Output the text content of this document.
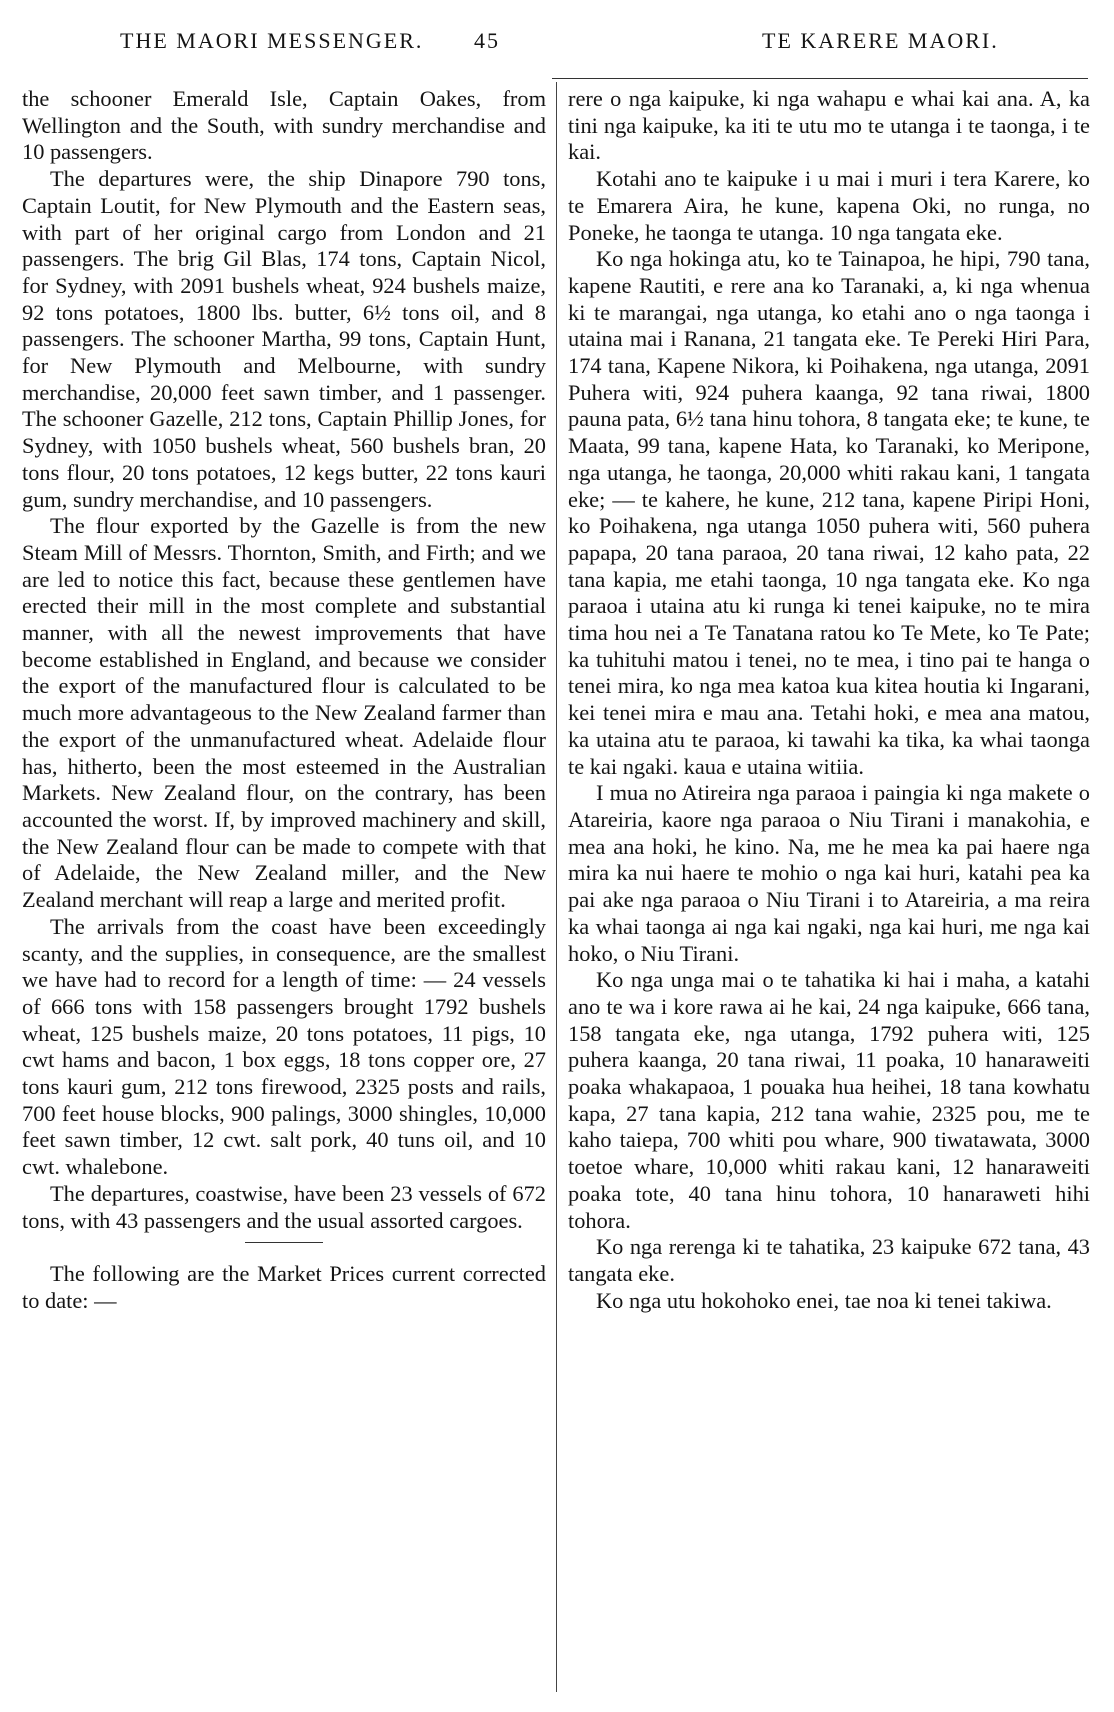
THE MAORI MESSENGER. 45	TE KARERE MAORI.

the schooner Emerald Isle, Captain Oakes, from Wellington and the South, with sundry merchandise and 10 passengers.

The departures were, the ship Dinapore 790 tons, Captain Loutit, for New Plymouth and the Eastern seas, with part of her original cargo from London and 21 passengers. The brig Gil Blas, 174 tons, Captain Nicol, for Sydney, with 2091 bushels wheat, 924 bushels maize, 92 tons potatoes, 1800 lbs. butter, 6½ tons oil, and 8 passengers. The schooner Martha, 99 tons, Captain Hunt, for New Plymouth and Melbourne, with sundry merchandise, 20,000 feet sawn timber, and 1 passenger. The schooner Gazelle, 212 tons, Captain Phillip Jones, for Sydney, with 1050 bushels wheat, 560 bushels bran, 20 tons flour, 20 tons potatoes, 12 kegs butter, 22 tons kauri gum, sundry merchandise, and 10 passengers.

The flour exported by the Gazelle is from the new Steam Mill of Messrs. Thornton, Smith, and Firth; and we are led to notice this fact, because these gentlemen have erected their mill in the most complete and substantial manner, with all the newest improvements that have become established in England, and because we consider the export of the manufactured flour is calculated to be much more advantageous to the New Zealand farmer than the export of the unmanufactured wheat. Adelaide flour has, hitherto, been the most esteemed in the Australian Markets. New Zealand flour, on the contrary, has been accounted the worst. If, by improved machinery and skill, the New Zealand flour can be made to compete with that of Adelaide, the New Zealand miller, and the New Zealand merchant will reap a large and merited profit.

The arrivals from the coast have been exceedingly scanty, and the supplies, in consequence, are the smallest we have had to record for a length of time: — 24 vessels of 666 tons with 158 passengers brought 1792 bushels wheat, 125 bushels maize, 20 tons potatoes, 11 pigs, 10 cwt hams and bacon, 1 box eggs, 18 tons copper ore, 27 tons kauri gum, 212 tons firewood, 2325 posts and rails, 700 feet house blocks, 900 palings, 3000 shingles, 10,000 feet sawn timber, 12 cwt. salt pork, 40 tuns oil, and 10 cwt. whalebone.

The departures, coastwise, have been 23 vessels of 672 tons, with 43 passengers and the usual assorted cargoes.

The following are the Market Prices current corrected to date: —

rere o nga kaipuke, ki nga wahapu e whai kai ana. A, ka tini nga kaipuke, ka iti te utu mo te utanga i te taonga, i te kai.

Kotahi ano te kaipuke i u mai i muri i tera Karere, ko te Emarera Aira, he kune, kapena Oki, no runga, no Poneke, he taonga te utanga. 10 nga tangata eke.

Ko nga hokinga atu, ko te Tainapoa, he hipi, 790 tana, kapene Rautiti, e rere ana ko Taranaki, a, ki nga whenua ki te marangai, nga utanga, ko etahi ano o nga taonga i utaina mai i Ranana, 21 tangata eke. Te Pereki Hiri Para, 174 tana, Kapene Nikora, ki Poihakena, nga utanga, 2091 Puhera witi, 924 puhera kaanga, 92 tana riwai, 1800 pauna pata, 6½ tana hinu tohora, 8 tangata eke; te kune, te Maata, 99 tana, kapene Hata, ko Taranaki, ko Meripone, nga utanga, he taonga, 20,000 whiti rakau kani, 1 tangata eke; — te kahere, he kune, 212 tana, kapene Piripi Honi, ko Poihakena, nga utanga 1050 puhera witi, 560 puhera papapa, 20 tana paraoa, 20 tana riwai, 12 kaho pata, 22 tana kapia, me etahi taonga, 10 nga tangata eke. Ko nga paraoa i utaina atu ki runga ki tenei kaipuke, no te mira tima hou nei a Te Tanatana ratou ko Te Mete, ko Te Pate; ka tuhituhi matou i tenei, no te mea, i tino pai te hanga o tenei mira, ko nga mea katoa kua kitea houtia ki Ingarani, kei tenei mira e mau ana. Tetahi hoki, e mea ana matou, ka utaina atu te paraoa, ki tawahi ka tika, ka whai taonga te kai ngaki. kaua e utaina witiia.

I mua no Atireira nga paraoa i paingia ki nga makete o Atareiria, kaore nga paraoa o Niu Tirani i manakohia, e mea ana hoki, he kino. Na, me he mea ka pai haere nga mira ka nui haere te mohio o nga kai huri, katahi pea ka pai ake nga paraoa o Niu Tirani i to Atareiria, a ma reira ka whai taonga ai nga kai ngaki, nga kai huri, me nga kai hoko, o Niu Tirani.

Ko nga unga mai o te tahatika ki hai i maha, a katahi ano te wa i kore rawa ai he kai, 24 nga kaipuke, 666 tana, 158 tangata eke, nga utanga, 1792 puhera witi, 125 puhera kaanga, 20 tana riwai, 11 poaka, 10 hanaraweiti poaka whakapaoa, 1 pouaka hua heihei, 18 tana kowhatu kapa, 27 tana kapia, 212 tana wahie, 2325 pou, me te kaho taiepa, 700 whiti pou whare, 900 tiwatawata, 3000 toetoe whare, 10,000 whiti rakau kani, 12 hanaraweiti poaka tote, 40 tana hinu tohora, 10 hanaraweti hihi tohora.

Ko nga rerenga ki te tahatika, 23 kaipuke 672 tana, 43 tangata eke.

Ko nga utu hokohoko enei, tae noa ki tenei takiwa.
